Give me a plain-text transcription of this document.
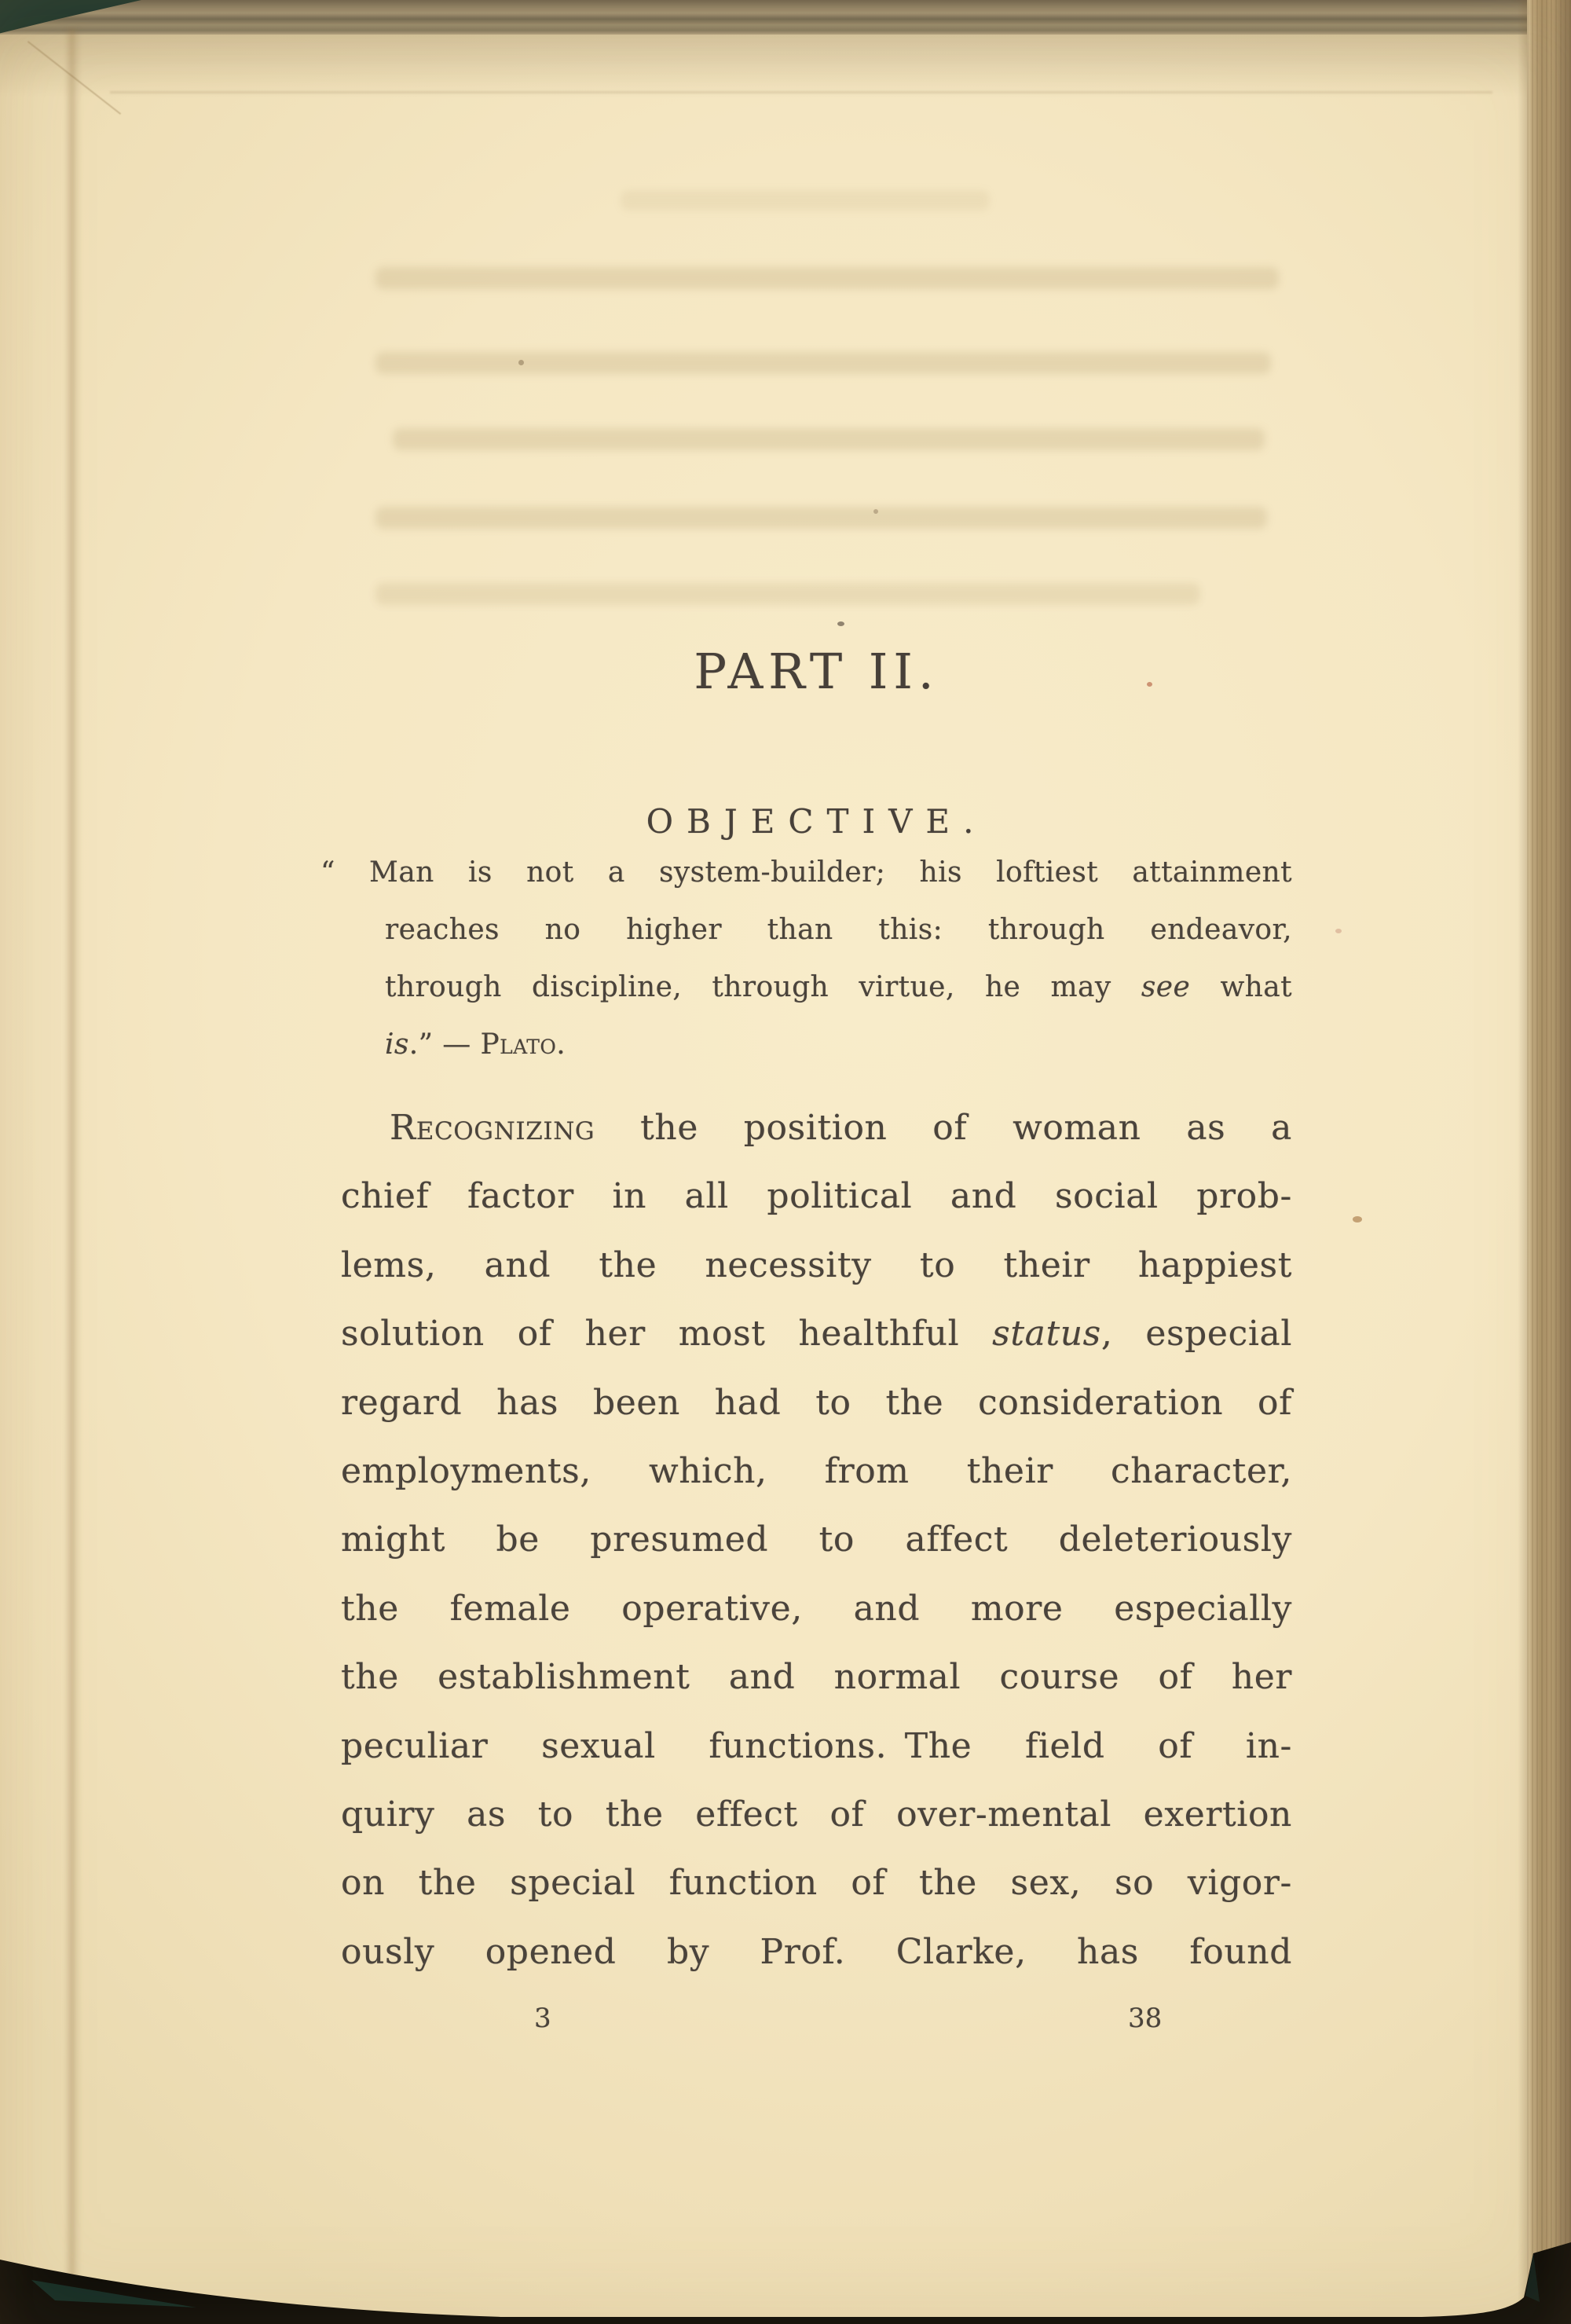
PART II.
OBJECTIVE.
“ Man is not a system-builder; his loftiest attainment
reaches no higher than this: through endeavor,
through discipline, through virtue, he may see what
is.” — Plato.
Recognizing the position of woman as a
chief factor in all political and social prob-
lems, and the necessity to their happiest
solution of her most healthful status, especial
regard has been had to the consideration of
employments, which, from their character,
might be presumed to affect deleteriously
the female operative, and more especially
the establishment and normal course of her
peculiar sexual functions. The field of in-
quiry as to the effect of over-mental exertion
on the special function of the sex, so vigor-
ously opened by Prof. Clarke, has found
3	38
